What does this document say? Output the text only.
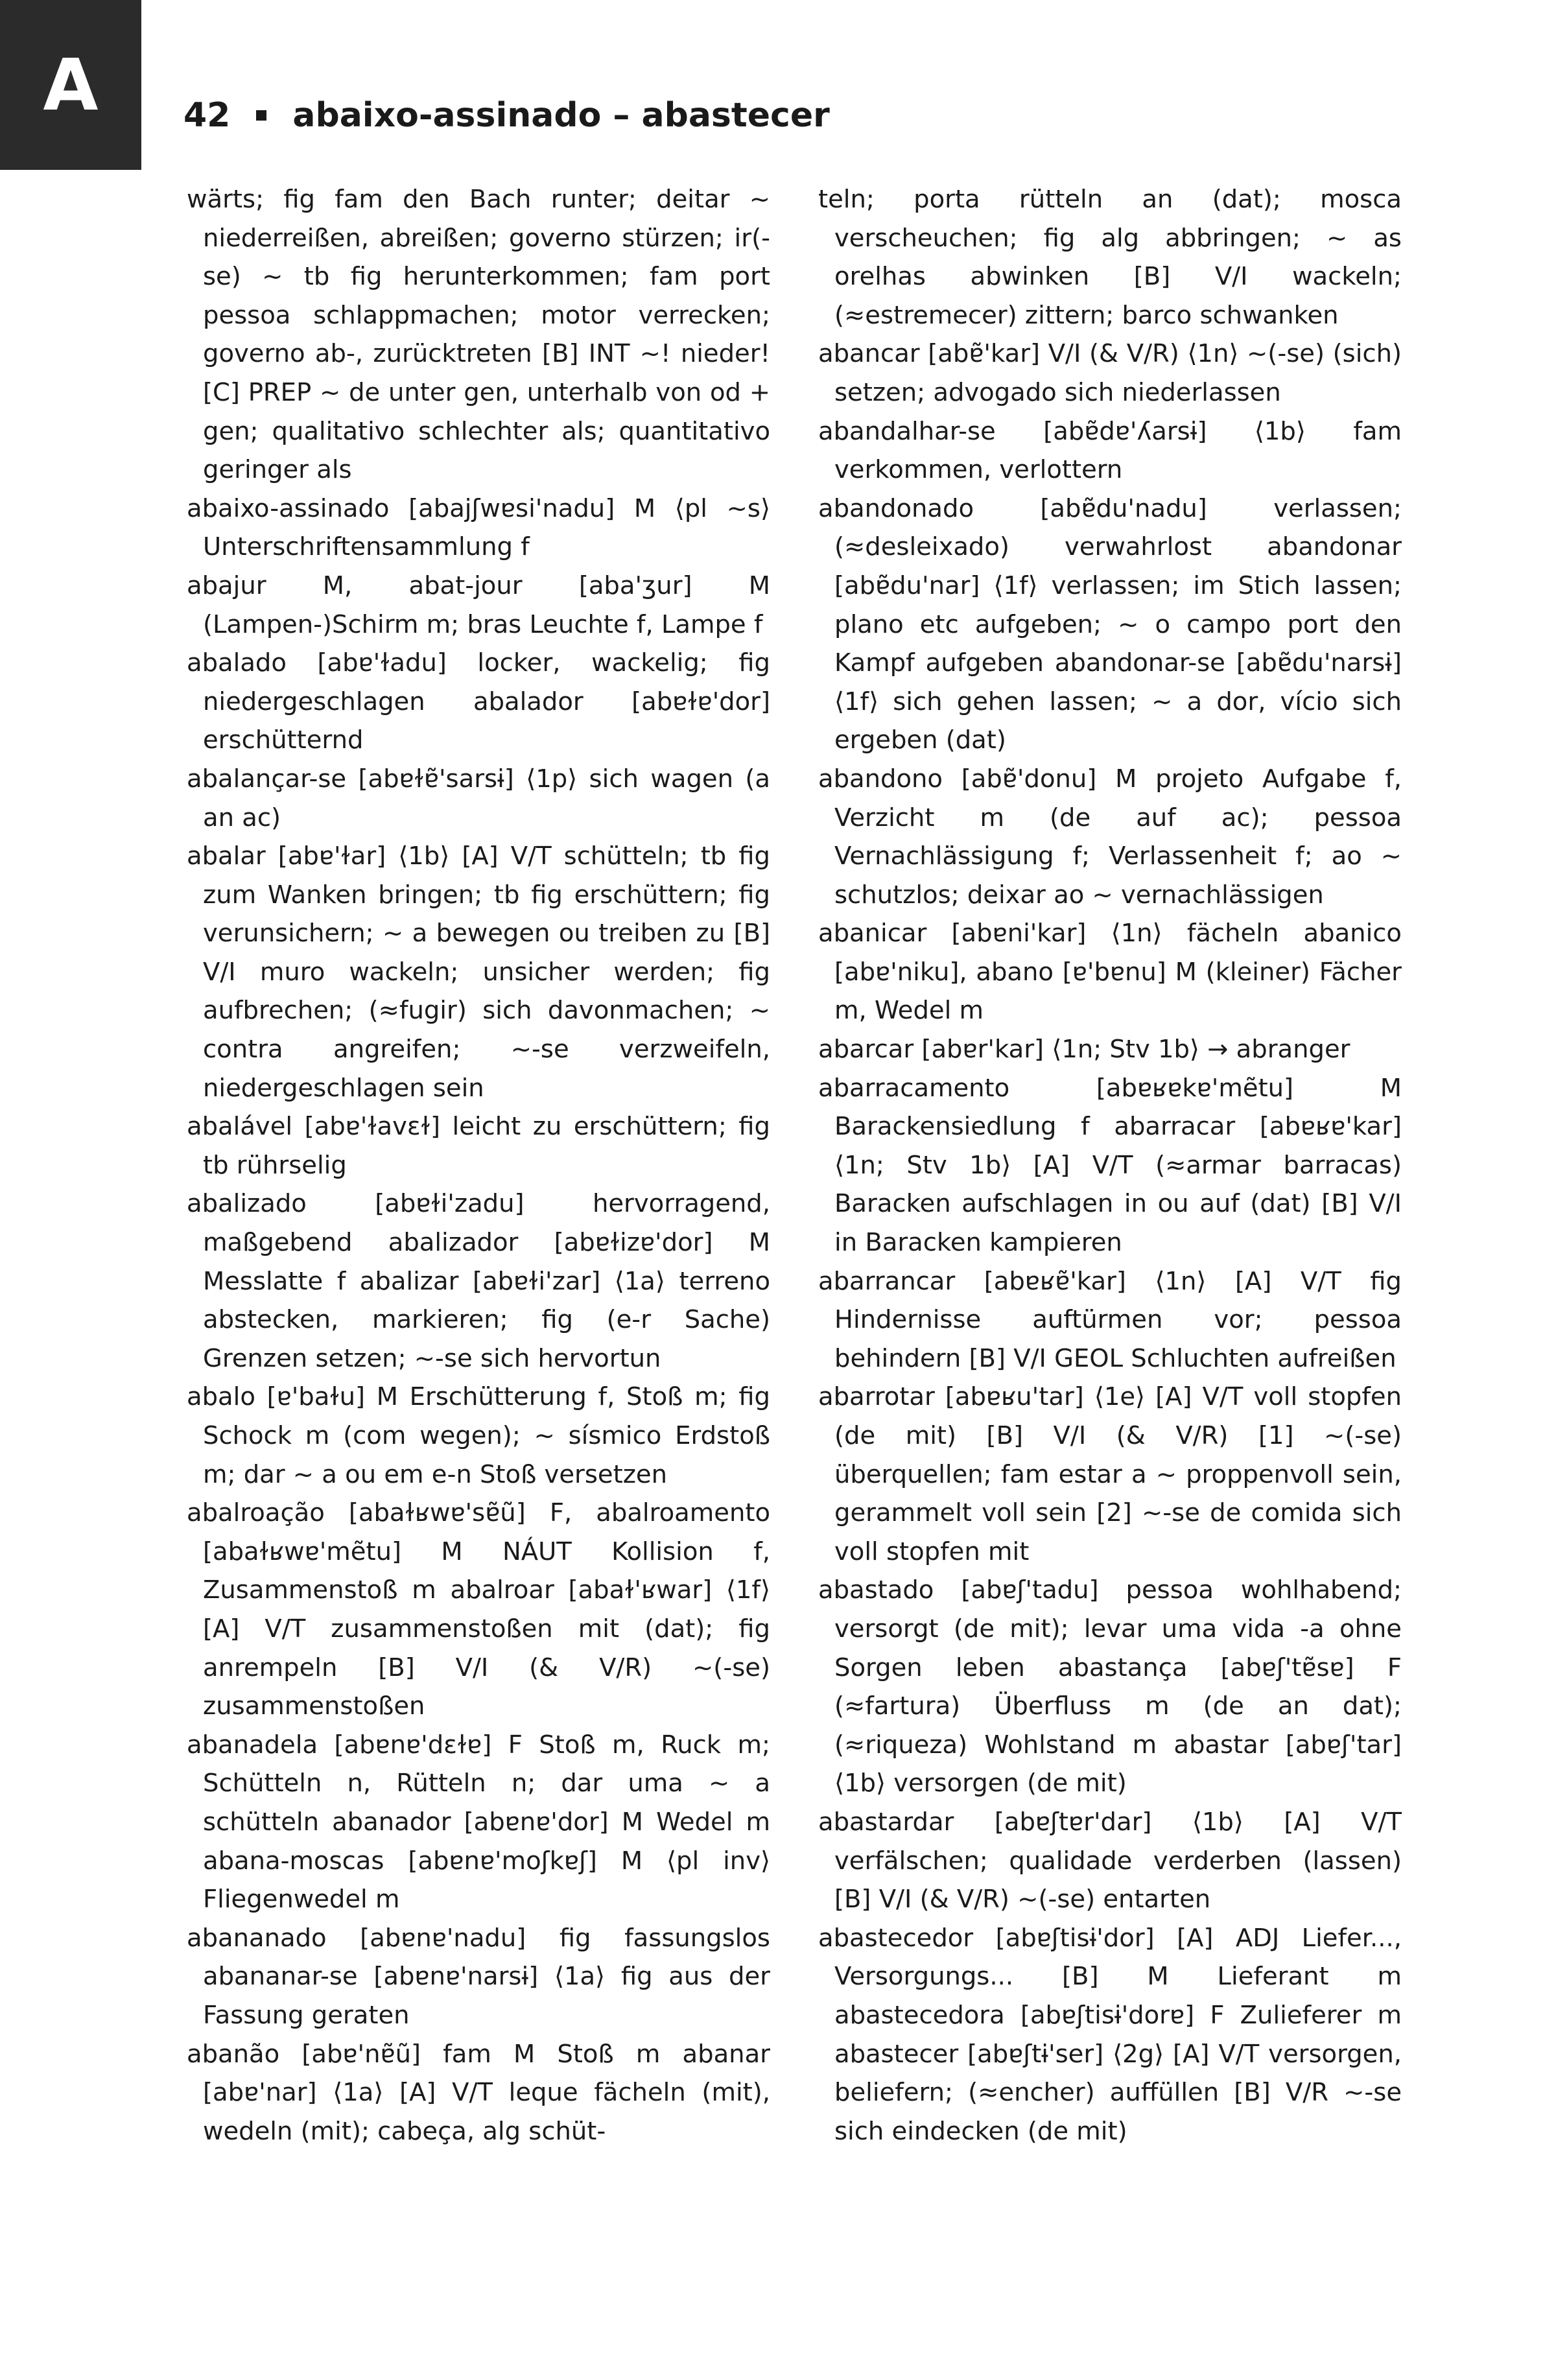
A	42 abaixo-assinado – abastecer

wärts; fig fam den Bach runter; deitar ~ niederreißen, abreißen; governo stürzen; ir(-se) ~ tb fig herunterkommen; fam port pessoa schlappmachen; motor verrecken; governo ab-, zurücktreten [B] INT ~! nieder! [C] PREP ~ de unter gen, unterhalb von od + gen; qualitativo schlechter als; quantitativo geringer als

abaixo-assinado [abajʃwɐsi'nadu] M ⟨pl ~s⟩ Unterschriftensammlung f

abajur M, abat-jour [aba'ʒur] M (Lampen-)Schirm m; bras Leuchte f, Lampe f

abalado [abɐ'ɫadu] locker, wackelig; fig niedergeschlagen abalador [abɐɫɐ'dor] erschütternd

abalançar-se [abɐɫɐ̃'sarsɨ] ⟨1p⟩ sich wagen (a an ac)

abalar [abɐ'ɫar] ⟨1b⟩ [A] V/T schütteln; tb fig zum Wanken bringen; tb fig erschüttern; fig verunsichern; ~ a bewegen ou treiben zu [B] V/I muro wackeln; unsicher werden; fig aufbrechen; (≈fugir) sich davonmachen; ~ contra angreifen; ~-se verzweifeln, niedergeschlagen sein

abalável [abɐ'ɫavɛɫ] leicht zu erschüttern; fig tb rührselig

abalizado [abɐɫi'zadu] hervorragend, maßgebend abalizador [abɐɫizɐ'dor] M Messlatte f abalizar [abɐɫi'zar] ⟨1a⟩ terreno abstecken, markieren; fig (e-r Sache) Grenzen setzen; ~-se sich hervortun

abalo [ɐ'baɫu] M Erschütterung f, Stoß m; fig Schock m (com wegen); ~ sísmico Erdstoß m; dar ~ a ou em e-n Stoß versetzen

abalroação [abaɫʁwɐ'sɐ̃ũ] F, abalroamento [abaɫʁwɐ'mẽtu] M NÁUT Kollision f, Zusammenstoß m abalroar [abaɫ'ʁwar] ⟨1f⟩ [A] V/T zusammenstoßen mit (dat); fig anrempeln [B] V/I (& V/R) ~(-se) zusammenstoßen

abanadela [abɐnɐ'dɛɫɐ] F Stoß m, Ruck m; Schütteln n, Rütteln n; dar uma ~ a schütteln abanador [abɐnɐ'dor] M Wedel m abana-moscas [abɐnɐ'moʃkɐʃ] M ⟨pl inv⟩ Fliegenwedel m

abananado [abɐnɐ'nadu] fig fassungslos abananar-se [abɐnɐ'narsɨ] ⟨1a⟩ fig aus der Fassung geraten

abanão [abɐ'nɐ̃ũ] fam M Stoß m abanar [abɐ'nar] ⟨1a⟩ [A] V/T leque fächeln (mit), wedeln (mit); cabeça, alg schüt-

teln; porta rütteln an (dat); mosca verscheuchen; fig alg abbringen; ~ as orelhas abwinken [B] V/I wackeln; (≈estremecer) zittern; barco schwanken

abancar [abɐ̃'kar] V/I (& V/R) ⟨1n⟩ ~(-se) (sich) setzen; advogado sich niederlassen

abandalhar-se [abɐ̃dɐ'ʎarsɨ] ⟨1b⟩ fam verkommen, verlottern

abandonado [abɐ̃du'nadu] verlassen; (≈desleixado) verwahrlost abandonar [abɐ̃du'nar] ⟨1f⟩ verlassen; im Stich lassen; plano etc aufgeben; ~ o campo port den Kampf aufgeben abandonar-se [abɐ̃du'narsɨ] ⟨1f⟩ sich gehen lassen; ~ a dor, vício sich ergeben (dat)

abandono [abɐ̃'donu] M projeto Aufgabe f, Verzicht m (de auf ac); pessoa Vernachlässigung f; Verlassenheit f; ao ~ schutzlos; deixar ao ~ vernachlässigen

abanicar [abɐni'kar] ⟨1n⟩ fächeln abanico [abɐ'niku], abano [ɐ'bɐnu] M (kleiner) Fächer m, Wedel m

abarcar [abɐr'kar] ⟨1n; Stv 1b⟩ → abranger

abarracamento [abɐʁɐkɐ'mẽtu] M Barackensiedlung f abarracar [abɐʁɐ'kar] ⟨1n; Stv 1b⟩ [A] V/T (≈armar barracas) Baracken aufschlagen in ou auf (dat) [B] V/I in Baracken kampieren

abarrancar [abɐʁɐ̃'kar] ⟨1n⟩ [A] V/T fig Hindernisse auftürmen vor; pessoa behindern [B] V/I GEOL Schluchten aufreißen

abarrotar [abɐʁu'tar] ⟨1e⟩ [A] V/T voll stopfen (de mit) [B] V/I (& V/R) [1] ~(-se) überquellen; fam estar a ~ proppenvoll sein, gerammelt voll sein [2] ~-se de comida sich voll stopfen mit

abastado [abɐʃ'tadu] pessoa wohlhabend; versorgt (de mit); levar uma vida -a ohne Sorgen leben abastança [abɐʃ'tɐ̃sɐ] F (≈fartura) Überfluss m (de an dat); (≈riqueza) Wohlstand m abastar [abɐʃ'tar] ⟨1b⟩ versorgen (de mit)

abastardar [abɐʃtɐr'dar] ⟨1b⟩ [A] V/T verfälschen; qualidade verderben (lassen) [B] V/I (& V/R) ~(-se) entarten

abastecedor [abɐʃtisɨ'dor] [A] ADJ Liefer..., Versorgungs... [B] M Lieferant m abastecedora [abɐʃtisɨ'dorɐ] F Zulieferer m abastecer [abɐʃtɨ'ser] ⟨2g⟩ [A] V/T versorgen, beliefern; (≈encher) auffüllen [B] V/R ~-se sich eindecken (de mit)
